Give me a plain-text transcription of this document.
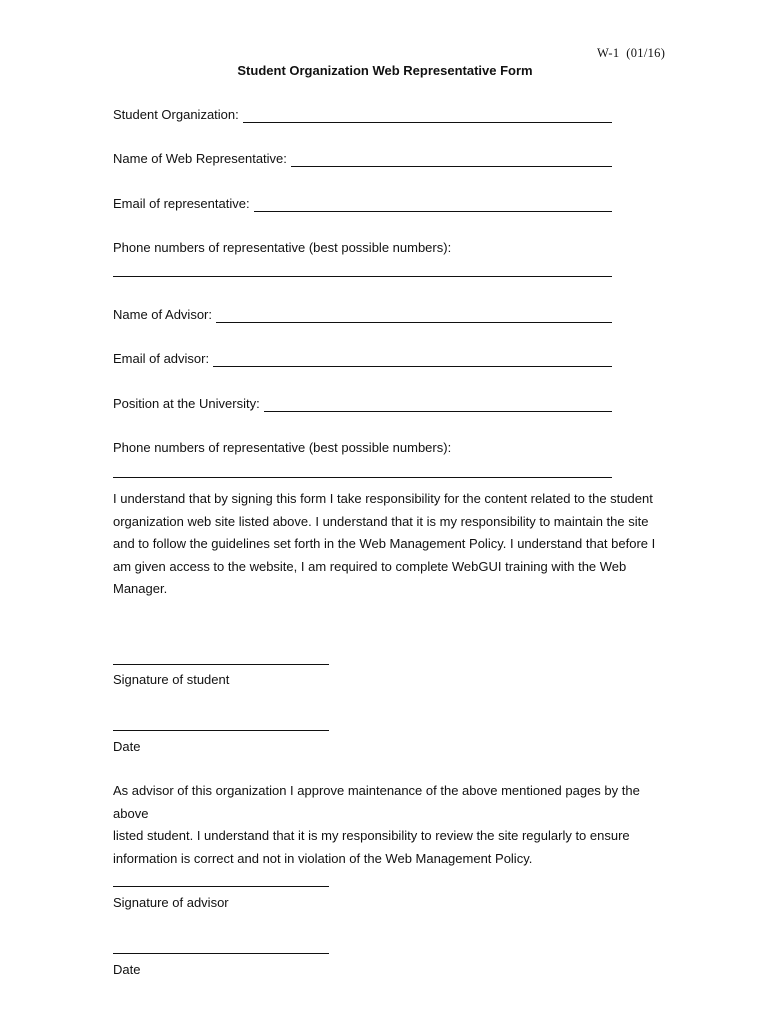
W-1  (01/16)
Student Organization Web Representative Form
Student Organization:
Name of Web Representative:
Email of representative:
Phone numbers of representative (best possible numbers):
Name of Advisor:
Email of advisor:
Position at the University:
Phone numbers of representative (best possible numbers):
I understand that by signing this form I take responsibility for the content related to the student
organization web site listed above. I understand that it is my responsibility to maintain the site
and to follow the guidelines set forth in the Web Management Policy. I understand that before I
am given access to the website, I am required to complete WebGUI training with the Web
Manager.
Signature of student
Date
As advisor of this organization I approve maintenance of the above mentioned pages by the above
listed student. I understand that it is my responsibility to review the site regularly to ensure
information is correct and not in violation of the Web Management Policy.
Signature of advisor
Date
